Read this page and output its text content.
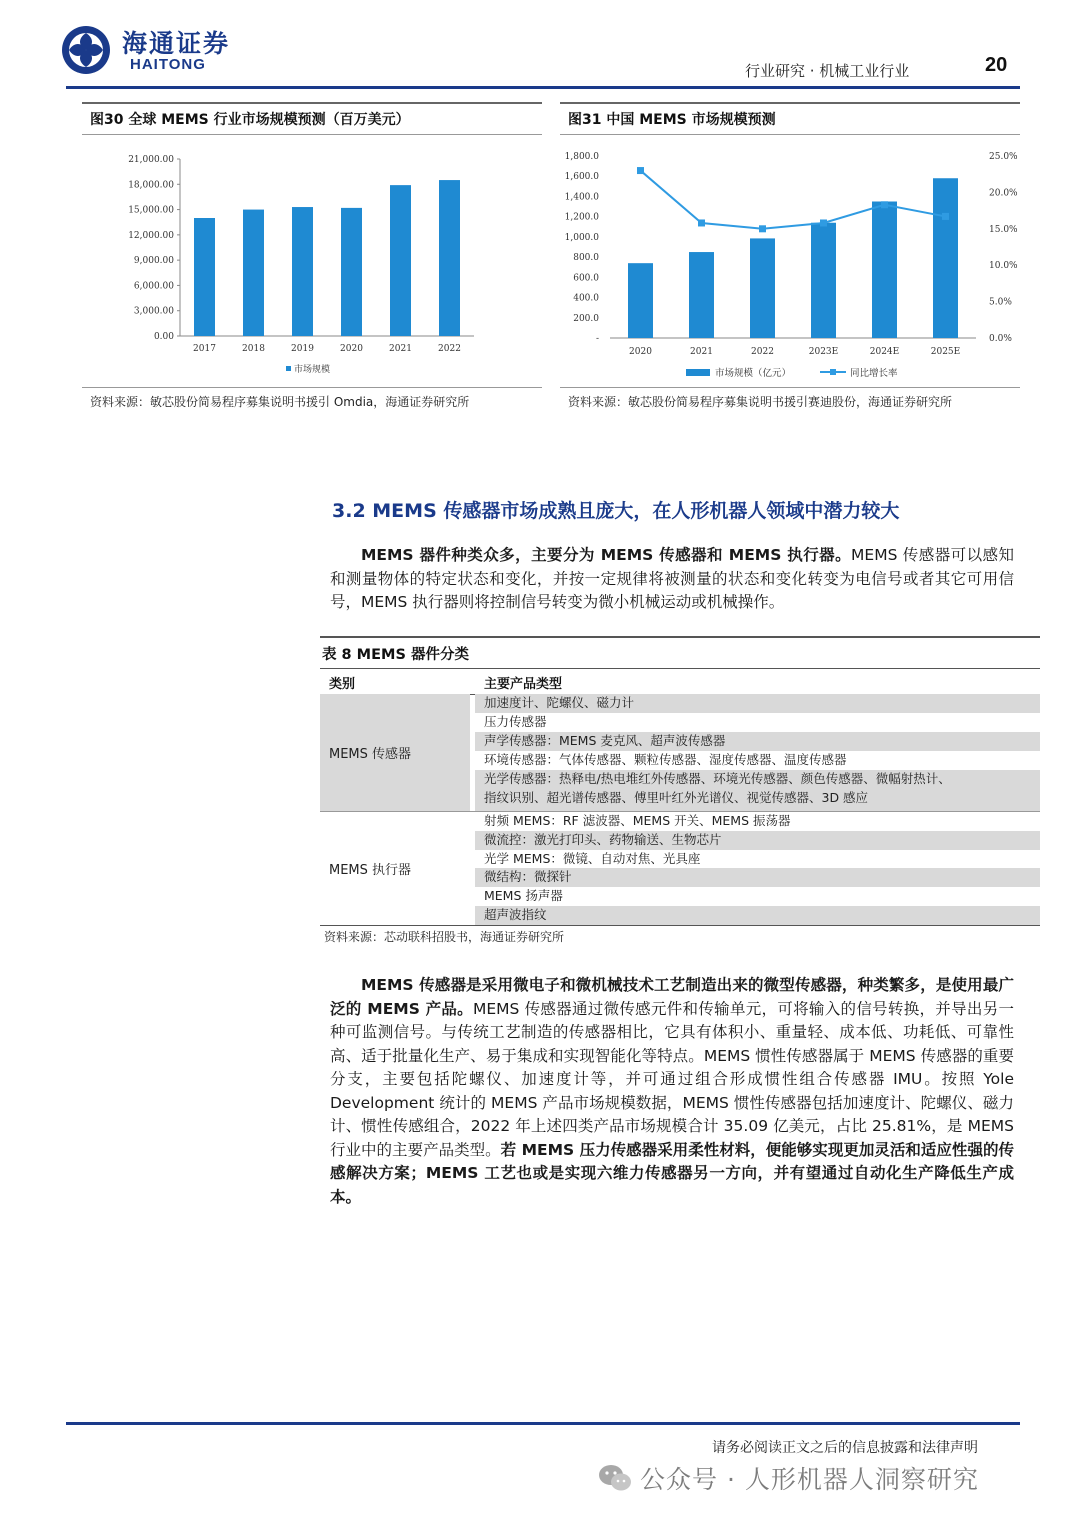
海通证券
HAITONG	行业研究 · 机械工业行业	20
图30 全球 MEMS 行业市场规模预测（百万美元）
0.00
3,000.00
6,000.00
9,000.00
12,000.00
15,000.00
18,000.00
21,000.00
2017	2018	2019	2020	2021	2022
市场规模
资料来源：敏芯股份简易程序募集说明书援引 Omdia，海通证券研究所
图31 中国 MEMS 市场规模预测
-
200.0
400.0
600.0
800.0
1,000.0
1,200.0
1,400.0
1,600.0
1,800.0
0.0%
5.0%
10.0%
15.0%
20.0%
25.0%
2020	2021	2022	2023E	2024E	2025E
市场规模（亿元）	同比增长率
资料来源：敏芯股份简易程序募集说明书援引赛迪股份，海通证券研究所
3.2 MEMS 传感器市场成熟且庞大，在人形机器人领域中潜力较大
MEMS 器件种类众多，主要分为 MEMS 传感器和 MEMS 执行器。MEMS 传感器可以感知和测量物体的特定状态和变化，并按一定规律将被测量的状态和变化转变为电信号或者其它可用信号，MEMS 执行器则将控制信号转变为微小机械运动或机械操作。
表 8 MEMS 器件分类
类别	主要产品类型
MEMS 传感器
加速度计、陀螺仪、磁力计
压力传感器
声学传感器：MEMS 麦克风、超声波传感器
环境传感器：气体传感器、颗粒传感器、湿度传感器、温度传感器
光学传感器：热释电/热电堆红外传感器、环境光传感器、颜色传感器、微幅射热计、
指纹识别、超光谱传感器、傅里叶红外光谱仪、视觉传感器、3D 感应
MEMS 执行器
射频 MEMS：RF 滤波器、MEMS 开关、MEMS 振荡器
微流控：激光打印头、药物输送、生物芯片
光学 MEMS：微镜、自动对焦、光具座
微结构：微探针
MEMS 扬声器
超声波指纹
资料来源：芯动联科招股书，海通证券研究所
MEMS 传感器是采用微电子和微机械技术工艺制造出来的微型传感器，种类繁多，是使用最广泛的 MEMS 产品。MEMS 传感器通过微传感元件和传输单元，可将输入的信号转换，并导出另一种可监测信号。与传统工艺制造的传感器相比，它具有体积小、重量轻、成本低、功耗低、可靠性高、适于批量化生产、易于集成和实现智能化等特点。MEMS 惯性传感器属于 MEMS 传感器的重要分支，主要包括陀螺仪、加速度计等，并可通过组合形成惯性组合传感器 IMU。按照 Yole Development 统计的 MEMS 产品市场规模数据，MEMS 惯性传感器包括加速度计、陀螺仪、磁力计、惯性传感组合，2022 年上述四类产品市场规模合计 35.09 亿美元，占比 25.81%，是 MEMS 行业中的主要产品类型。若 MEMS 压力传感器采用柔性材料，便能够实现更加灵活和适应性强的传感解决方案；MEMS 工艺也或是实现六维力传感器另一方向，并有望通过自动化生产降低生产成本。
请务必阅读正文之后的信息披露和法律声明
公众号 · 人形机器人洞察研究
